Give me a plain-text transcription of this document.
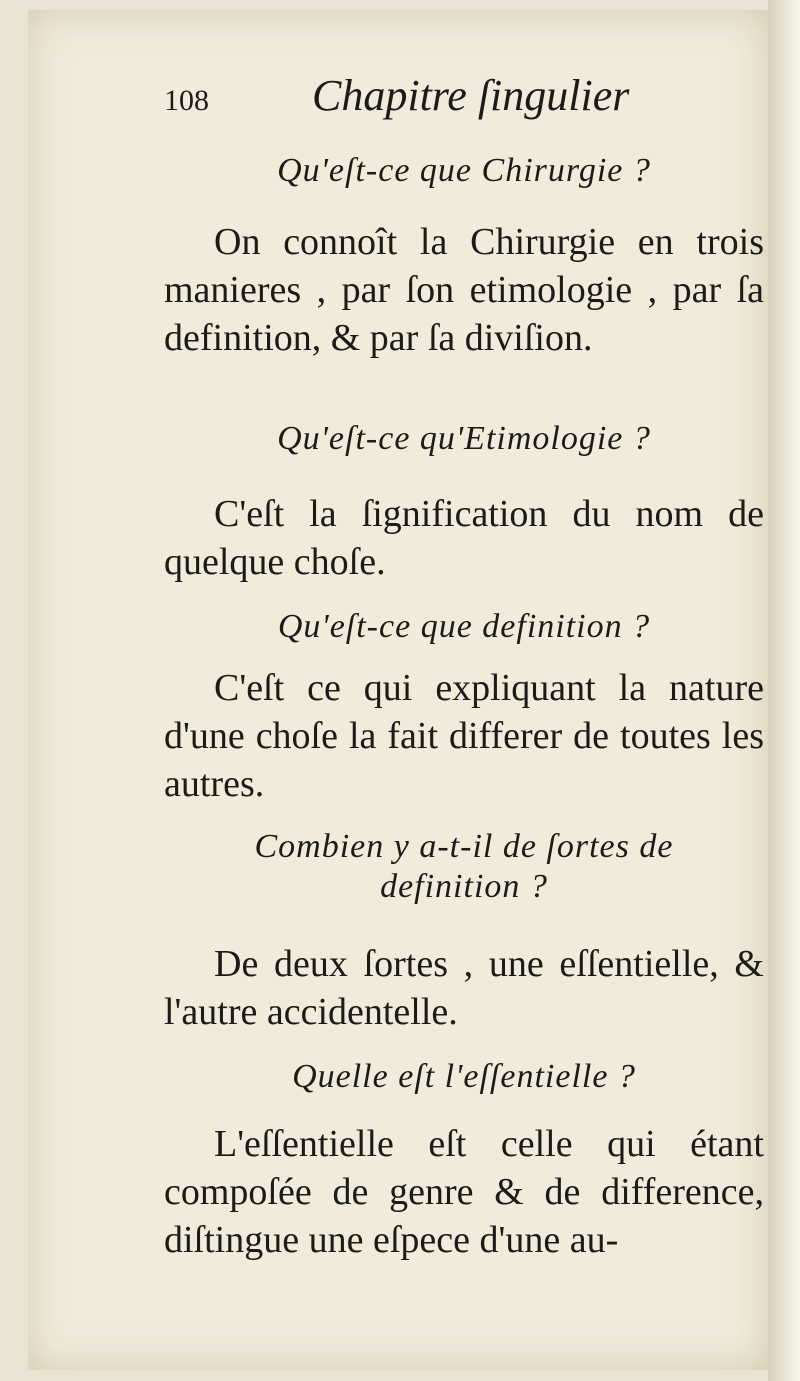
108 Chapitre ſingulier
Qu'eſt-ce que Chirurgie ?
On connoît la Chirurgie en trois manieres , par ſon etimologie , par ſa definition, & par ſa diviſion.
Qu'eſt-ce qu'Etimologie ?
C'eſt la ſignification du nom de quelque choſe.
Qu'eſt-ce que definition ?
C'eſt ce qui expliquant la nature d'une choſe la fait differer de toutes les autres.
Combien y a-t-il de ſortes de
definition ?
De deux ſortes , une eſſentielle, & l'autre accidentelle.
Quelle eſt l'eſſentielle ?
L'eſſentielle eſt celle qui étant compoſée de genre & de difference, diſtingue une eſpece d'une au-
